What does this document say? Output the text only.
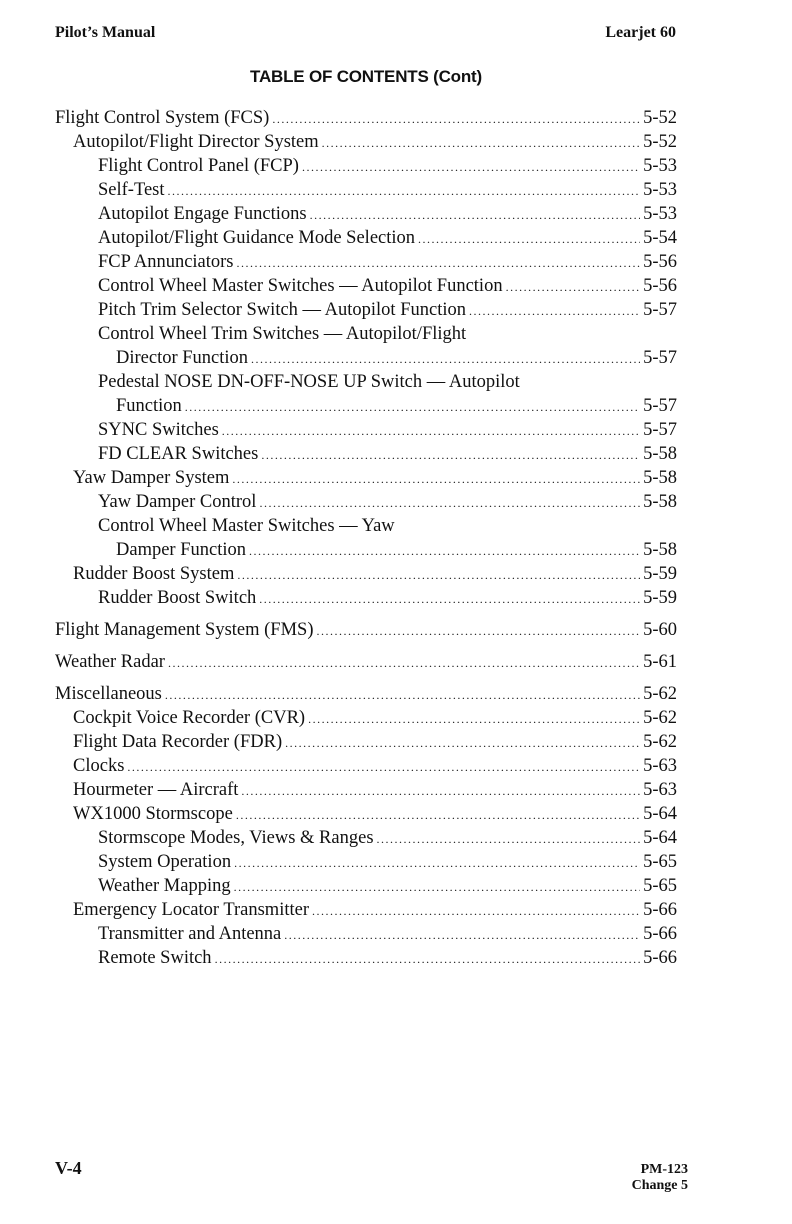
Pilot’s Manual	Learjet 60
TABLE OF CONTENTS (Cont)
Flight Control System (FCS) .....	5-52
Autopilot/Flight Director System .....	5-52
Flight Control Panel (FCP) .....	5-53
Self-Test .....	5-53
Autopilot Engage Functions .....	5-53
Autopilot/Flight Guidance Mode Selection .....	5-54
FCP Annunciators .....	5-56
Control Wheel Master Switches — Autopilot Function .....	5-56
Pitch Trim Selector Switch — Autopilot Function .....	5-57
Control Wheel Trim Switches — Autopilot/Flight
Director Function .....	5-57
Pedestal NOSE DN-OFF-NOSE UP Switch — Autopilot
Function .....	5-57
SYNC Switches .....	5-57
FD CLEAR Switches .....	5-58
Yaw Damper System .....	5-58
Yaw Damper Control .....	5-58
Control Wheel Master Switches — Yaw
Damper Function .....	5-58
Rudder Boost System .....	5-59
Rudder Boost Switch .....	5-59
Flight Management System (FMS) .....	5-60
Weather Radar .....	5-61
Miscellaneous .....	5-62
Cockpit Voice Recorder (CVR) .....	5-62
Flight Data Recorder (FDR) .....	5-62
Clocks .....	5-63
Hourmeter — Aircraft .....	5-63
WX1000 Stormscope .....	5-64
Stormscope Modes, Views & Ranges .....	5-64
System Operation .....	5-65
Weather Mapping .....	5-65
Emergency Locator Transmitter .....	5-66
Transmitter and Antenna .....	5-66
Remote Switch .....	5-66
V-4	PM-123
Change 5
